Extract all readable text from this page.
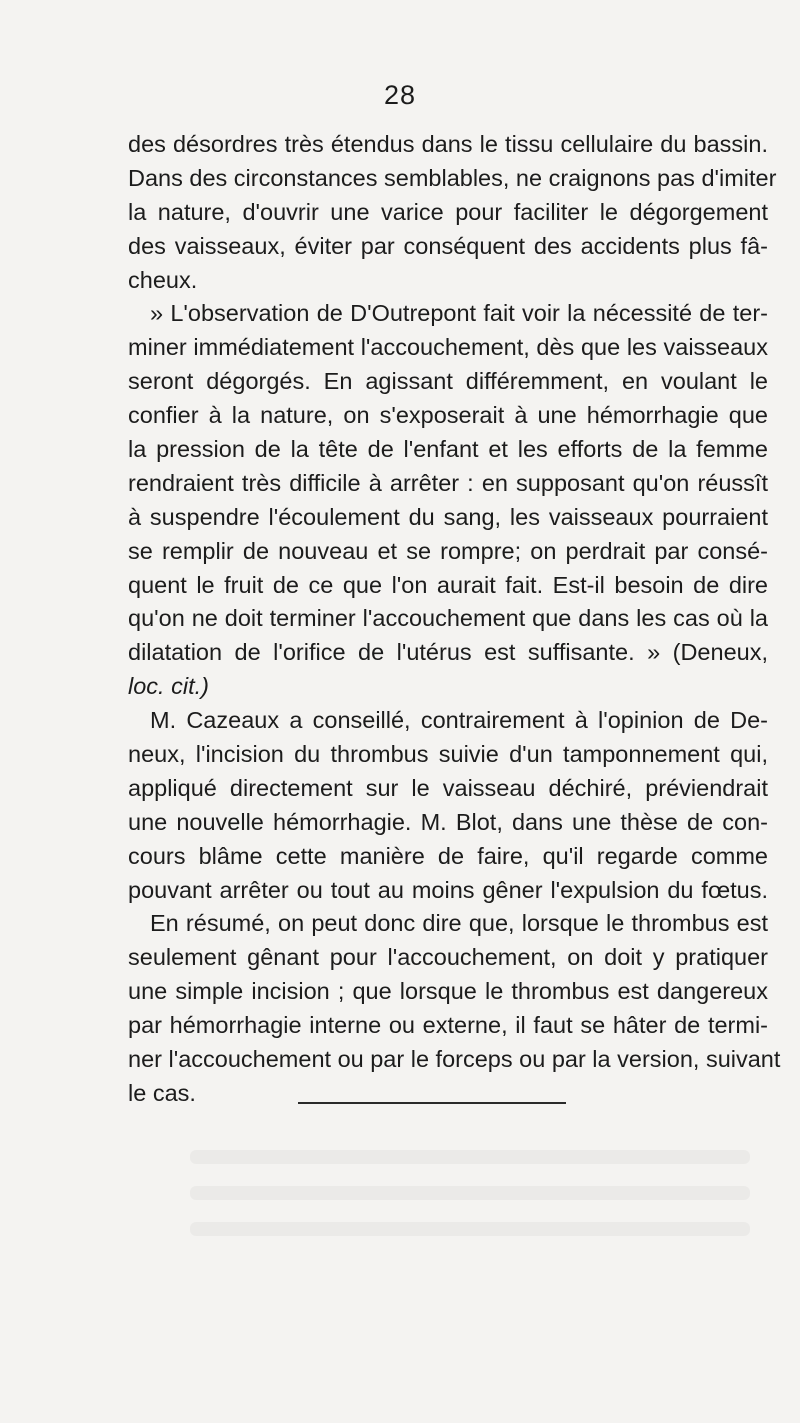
28
des désordres très étendus dans le tissu cellulaire du bassin.
Dans des circonstances semblables, ne craignons pas d'imiter
la nature, d'ouvrir une varice pour faciliter le dégorgement
des vaisseaux, éviter par conséquent des accidents plus fâ-
cheux.
» L'observation de D'Outrepont fait voir la nécessité de ter-
miner immédiatement l'accouchement, dès que les vaisseaux
seront dégorgés. En agissant différemment, en voulant le
confier à la nature, on s'exposerait à une hémorrhagie que
la pression de la tête de l'enfant et les efforts de la femme
rendraient très difficile à arrêter : en supposant qu'on réussît
à suspendre l'écoulement du sang, les vaisseaux pourraient
se remplir de nouveau et se rompre; on perdrait par consé-
quent le fruit de ce que l'on aurait fait. Est-il besoin de dire
qu'on ne doit terminer l'accouchement que dans les cas où la
dilatation de l'orifice de l'utérus est suffisante. » (Deneux,
loc. cit.)
M. Cazeaux a conseillé, contrairement à l'opinion de De-
neux, l'incision du thrombus suivie d'un tamponnement qui,
appliqué directement sur le vaisseau déchiré, préviendrait
une nouvelle hémorrhagie. M. Blot, dans une thèse de con-
cours blâme cette manière de faire, qu'il regarde comme
pouvant arrêter ou tout au moins gêner l'expulsion du fœtus.
En résumé, on peut donc dire que, lorsque le thrombus est
seulement gênant pour l'accouchement, on doit y pratiquer
une simple incision ; que lorsque le thrombus est dangereux
par hémorrhagie interne ou externe, il faut se hâter de termi-
ner l'accouchement ou par le forceps ou par la version, suivant
le cas.
